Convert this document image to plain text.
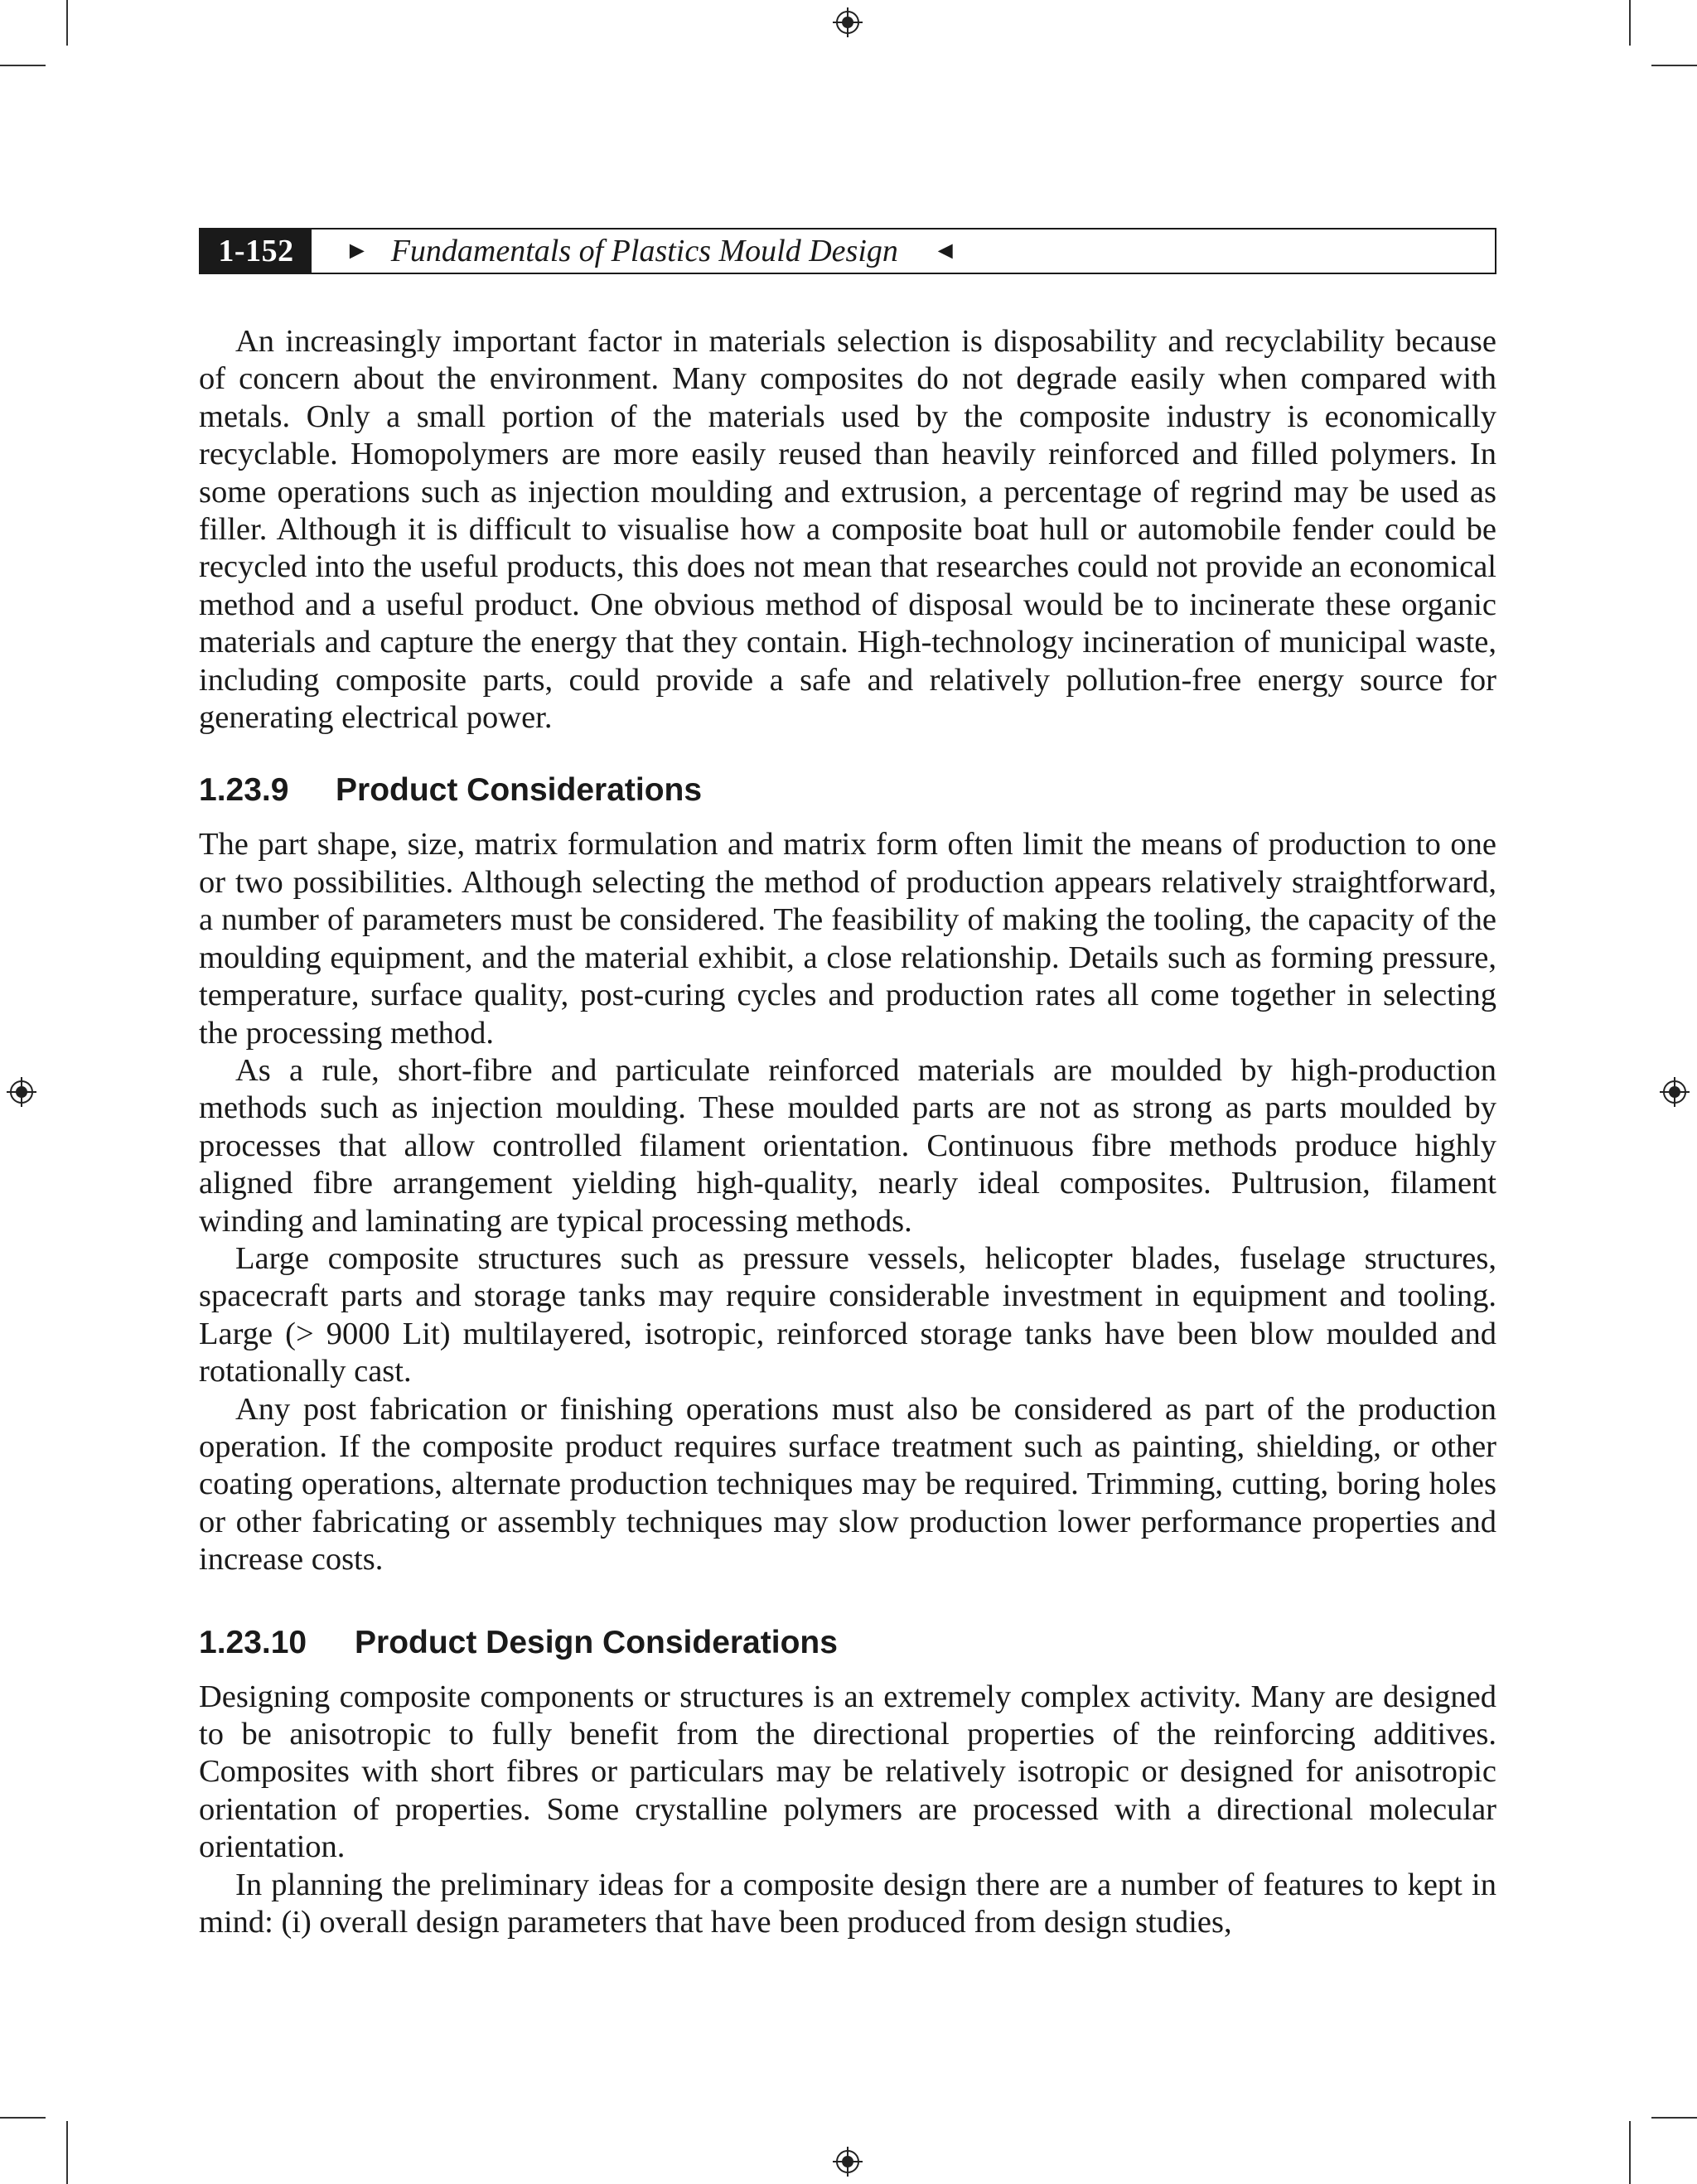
1-152	► Fundamentals of Plastics Mould Design ◄

An increasingly important factor in materials selection is disposability and recyclability because of concern about the environment. Many composites do not degrade easily when compared with metals. Only a small portion of the materials used by the composite industry is economically recyclable. Homopolymers are more easily reused than heavily reinforced and filled polymers. In some operations such as injection moulding and extrusion, a percentage of regrind may be used as filler. Although it is difficult to visualise how a composite boat hull or automobile fender could be recycled into the useful products, this does not mean that researches could not provide an economical method and a useful product. One obvious method of disposal would be to incinerate these organic materials and capture the energy that they contain. High-technology incineration of municipal waste, including composite parts, could provide a safe and relatively pollution-free energy source for generating electrical power.

1.23.9	Product Considerations

The part shape, size, matrix formulation and matrix form often limit the means of production to one or two possibilities. Although selecting the method of production appears relatively straightforward, a number of parameters must be considered. The feasibility of making the tooling, the capacity of the moulding equipment, and the material exhibit, a close relationship. Details such as forming pressure, temperature, surface quality, post-curing cycles and production rates all come together in selecting the processing method.

As a rule, short-fibre and particulate reinforced materials are moulded by high-production methods such as injection moulding. These moulded parts are not as strong as parts moulded by processes that allow controlled filament orientation. Continuous fibre methods produce highly aligned fibre arrangement yielding high-quality, nearly ideal composites. Pultrusion, filament winding and laminating are typical processing methods.

Large composite structures such as pressure vessels, helicopter blades, fuselage structures, spacecraft parts and storage tanks may require considerable investment in equipment and tooling. Large (> 9000 Lit) multilayered, isotropic, reinforced storage tanks have been blow moulded and rotationally cast.

Any post fabrication or finishing operations must also be considered as part of the production operation. If the composite product requires surface treatment such as painting, shielding, or other coating operations, alternate production techniques may be required. Trimming, cutting, boring holes or other fabricating or assembly techniques may slow production lower performance properties and increase costs.

1.23.10	Product Design Considerations

Designing composite components or structures is an extremely complex activity. Many are designed to be anisotropic to fully benefit from the directional properties of the reinforcing additives. Composites with short fibres or particulars may be relatively isotropic or designed for anisotropic orientation of properties. Some crystalline polymers are processed with a directional molecular orientation.

In planning the preliminary ideas for a composite design there are a number of features to kept in mind: (i) overall design parameters that have been produced from design studies,
